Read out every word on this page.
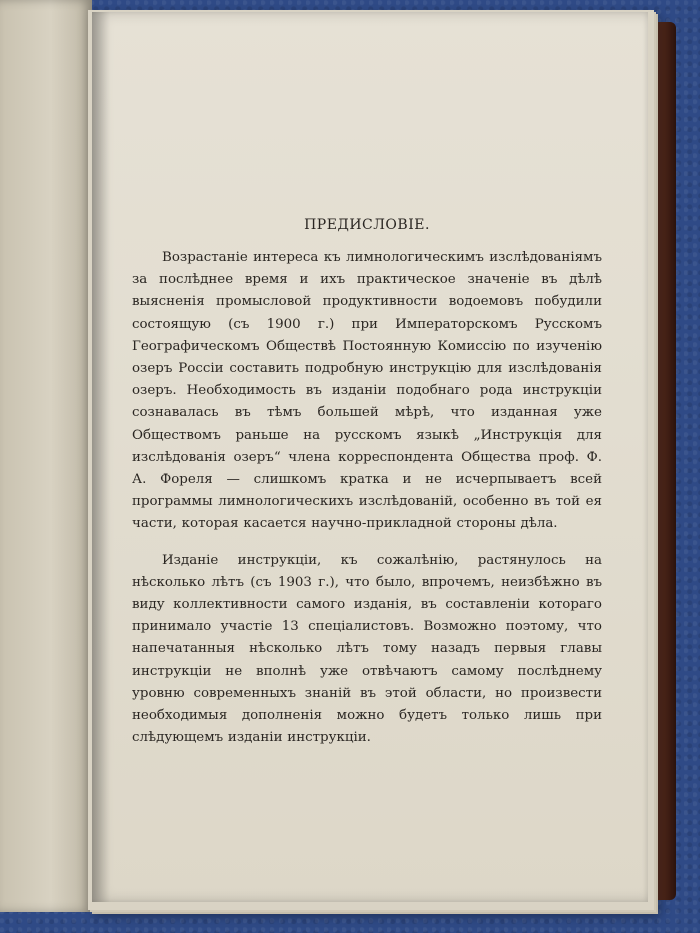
ПРЕДИСЛОВІЕ.

Возрастаніе интереса къ лимнологическимъ изслѣдованіямъ за послѣднее время и ихъ практическое значеніе въ дѣлѣ выясненія промысловой продуктивности водоемовъ побудили состоящую (съ 1900 г.) при Императорскомъ Русскомъ Географическомъ Обществѣ Постоянную Комиссію по изученію озеръ Россіи составить подробную инструкцію для изслѣдованія озеръ. Необходимость въ изданіи подобнаго рода инструкціи сознавалась въ тѣмъ большей мѣрѣ, что изданная уже Обществомъ раньше на русскомъ языкѣ „Инструкція для изслѣдованія озеръ“ члена корреспондента Общества проф. Ф. А. Фореля — слишкомъ кратка и не исчерпываетъ всей программы лимнологическихъ изслѣдованій, особенно въ той ея части, которая касается научно-прикладной стороны дѣла.

Изданіе инструкціи, къ сожалѣнію, растянулось на нѣсколько лѣтъ (съ 1903 г.), что было, впрочемъ, неизбѣжно въ виду коллективности самого изданія, въ составленіи котораго принимало участіе 13 спеціалистовъ. Возможно поэтому, что напечатанныя нѣсколько лѣтъ тому назадъ первыя главы инструкціи не вполнѣ уже отвѣчаютъ самому послѣднему уровню современныхъ знаній въ этой области, но произвести необходимыя дополненія можно будетъ только лишь при слѣдующемъ изданіи инструкціи.
